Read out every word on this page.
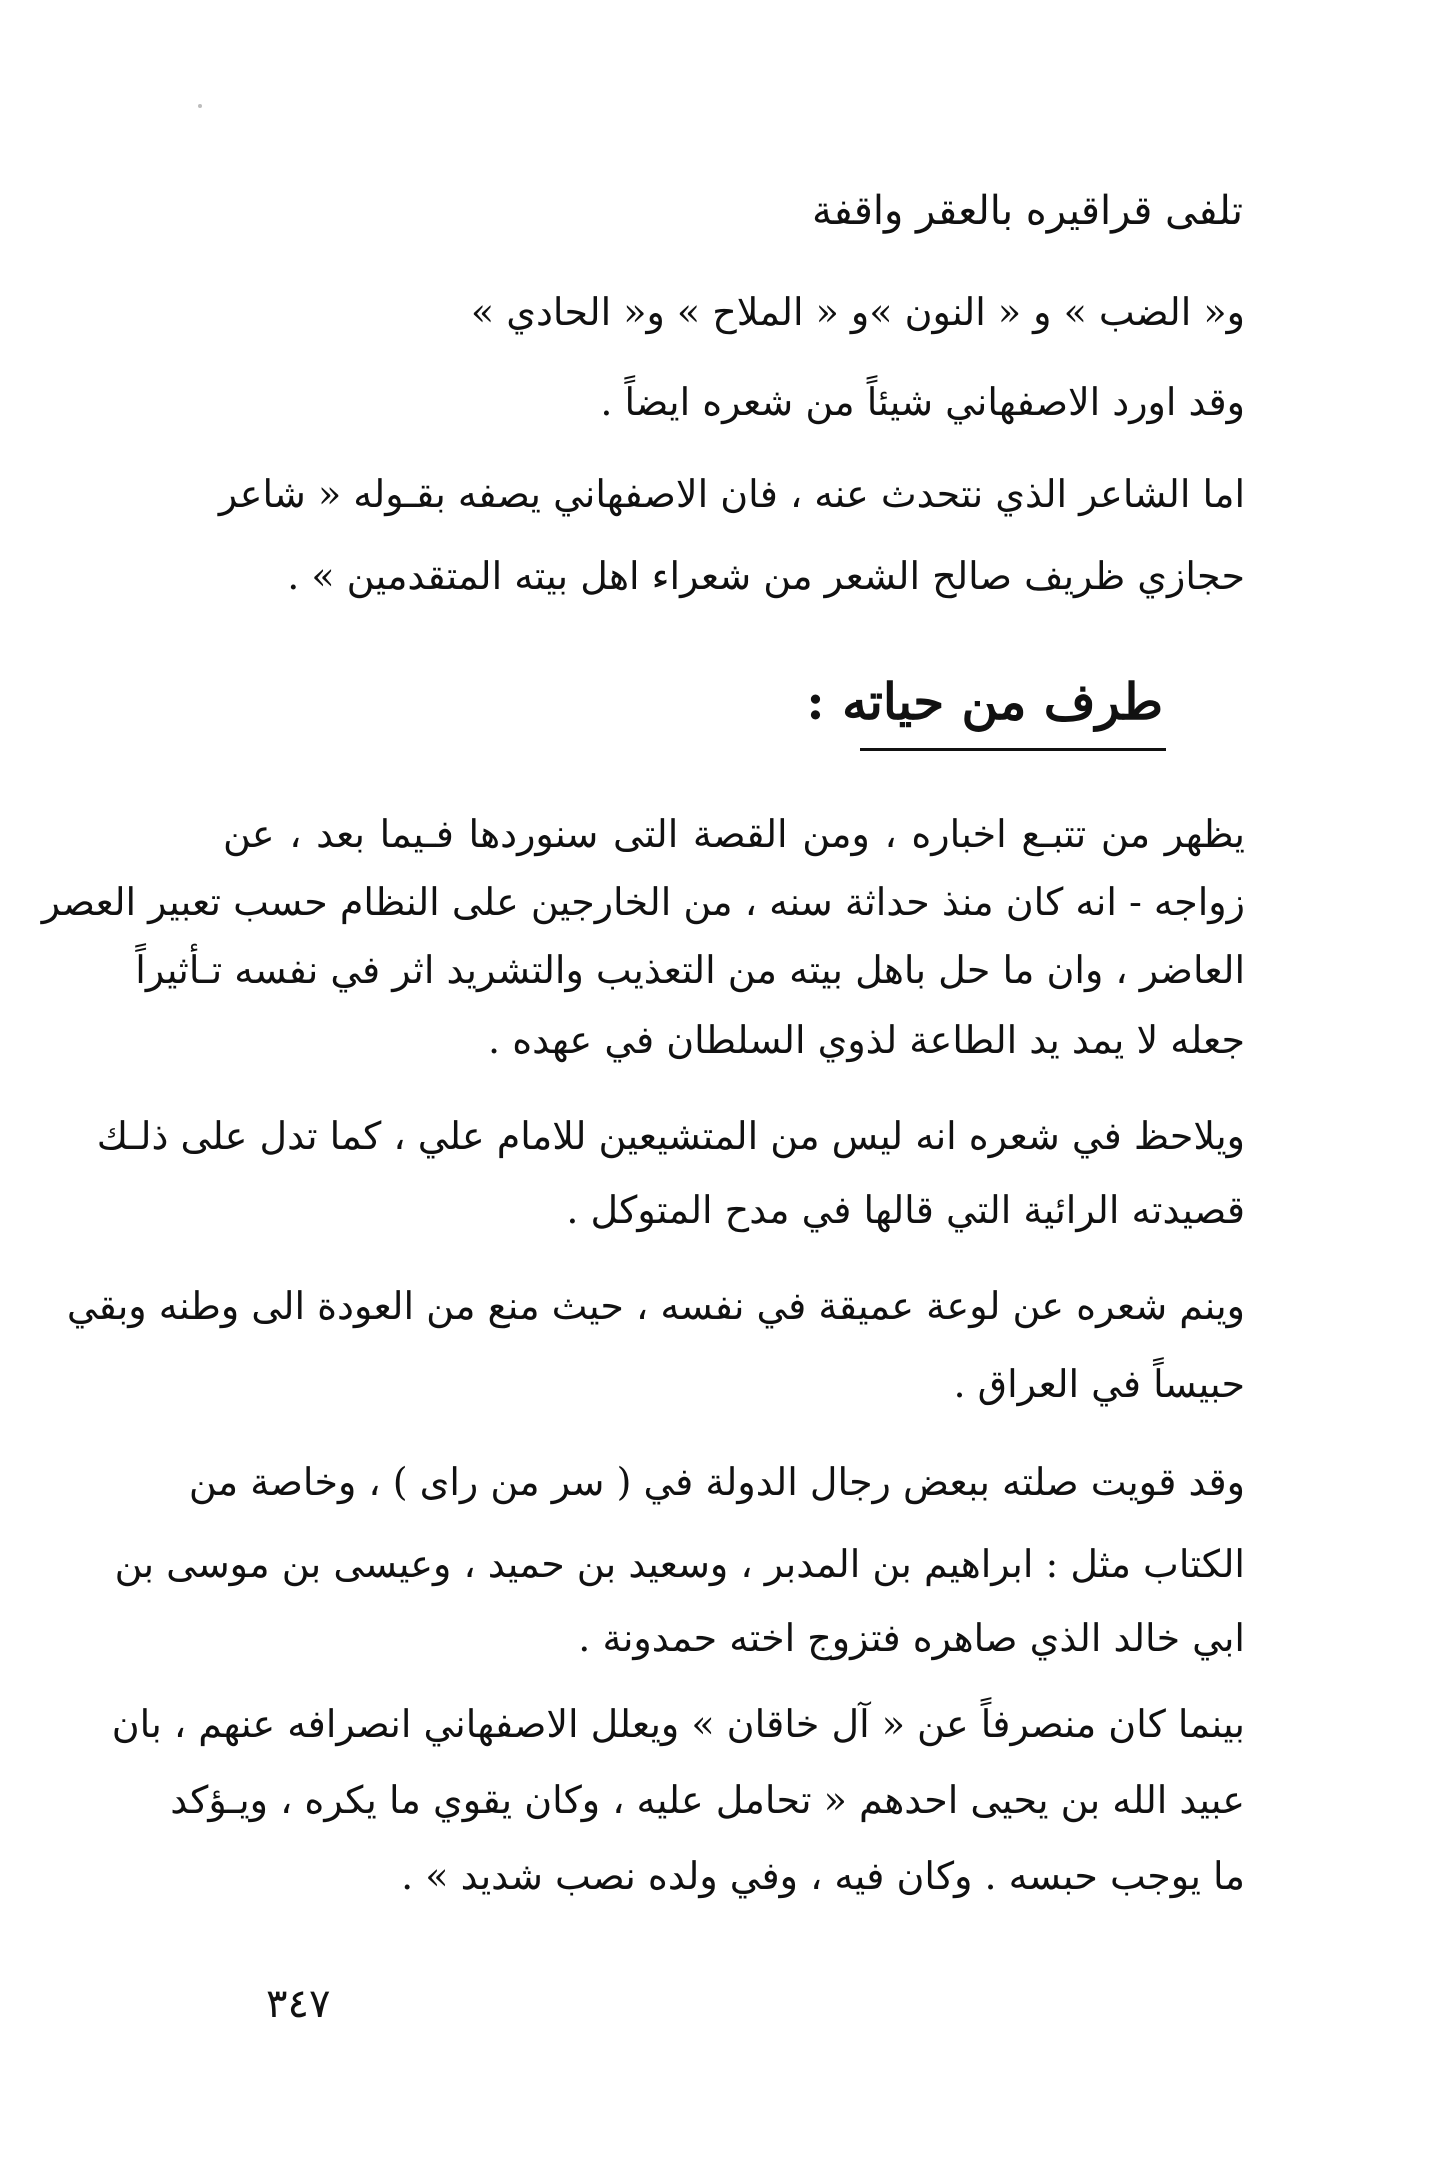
تلفى قراقيره بالعقر واقفة

و« الضب » و « النون »و « الملاح » و« الحادي »

وقد اورد الاصفهاني شيئاً من شعره ايضاً .

اما الشاعر الذي نتحدث عنه ، فان الاصفهاني يصفه بقـوله « شاعر

حجازي ظريف صالح الشعر من شعراء اهل بيته المتقدمين » .

طرف من حياته :

يظهر من تتبـع اخباره ، ومن القصة التى سنوردها فـيما بعد ، عن

زواجه - انه كان منذ حداثة سنه ، من الخارجين على النظام حسب تعبير العصر

العاضر ، وان ما حل باهل بيته من التعذيب والتشريد اثر في نفسه تـأثيراً

جعله لا يمد يد الطاعة لذوي السلطان في عهده .

ويلاحظ في شعره انه ليس من المتشيعين للامام علي ، كما تدل على ذلـك

قصيدته الرائية التي قالها في مدح المتوكل .

وينم شعره عن لوعة عميقة في نفسه ، حيث منع من العودة الى وطنه وبقي

حبيساً في العراق .

وقد قويت صلته ببعض رجال الدولة في ( سر من راى ) ، وخاصة من

الكتاب مثل : ابراهيم بن المدبر ، وسعيد بن حميد ، وعيسى بن موسى بن

ابي خالد الذي صاهره فتزوج اخته حمدونة .

بينما كان منصرفاً عن « آل خاقان » ويعلل الاصفهاني انصرافه عنهم ، بان

عبيد الله بن يحيى احدهم « تحامل عليه ، وكان يقوي ما يكره ، ويـؤكد

ما يوجب حبسه . وكان فيه ، وفي ولده نصب شديد » .

٣٤٧
